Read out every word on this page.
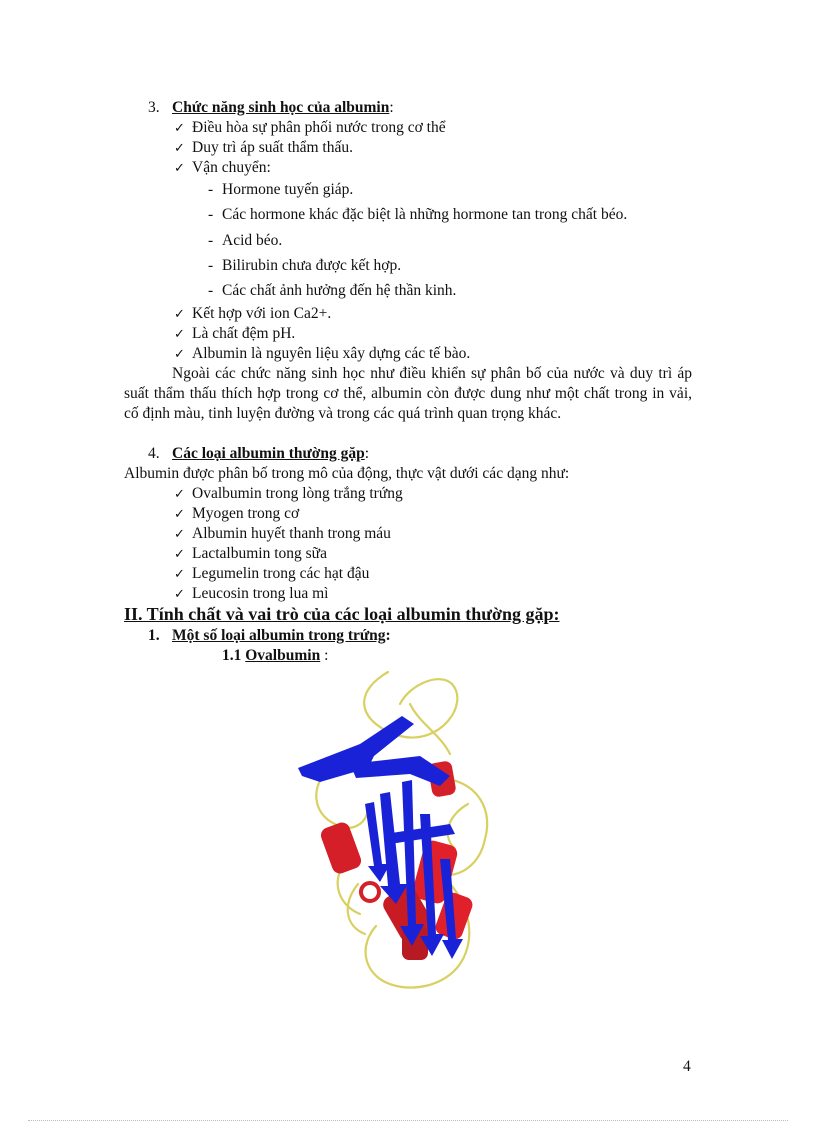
3. Chức năng sinh học của albumin:
✓ Điều hòa sự phân phối nước trong cơ thể
✓ Duy trì áp suất thẩm thấu.
✓ Vận chuyển:
- Hormone tuyến giáp.
- Các hormone khác đặc biệt là những hormone tan trong chất béo.
- Acid béo.
- Bilirubin chưa được kết hợp.
- Các chất ảnh hưởng đến hệ thần kinh.
✓ Kết hợp với ion Ca2+.
✓ Là chất đệm pH.
✓ Albumin là nguyên liệu xây dựng các tế bào.
Ngoài các chức năng sinh học như điều khiển sự phân bố của nước và duy trì áp suất thẩm thấu thích hợp trong cơ thể, albumin còn được dung như một chất trong in vải, cố định màu, tinh luyện đường và trong các quá trình quan trọng khác.
4. Các loại albumin thường gặp:
Albumin được phân bố trong mô của động, thực vật dưới các dạng như:
✓ Ovalbumin trong lòng trắng trứng
✓ Myogen trong cơ
✓ Albumin huyết thanh trong máu
✓ Lactalbumin tong sữa
✓ Legumelin trong các hạt đậu
✓ Leucosin trong lua mì
II. Tính chất và vai trò của các loại albumin thường gặp:
1. Một số loại albumin trong trứng:
1.1 Ovalbumin :
4
